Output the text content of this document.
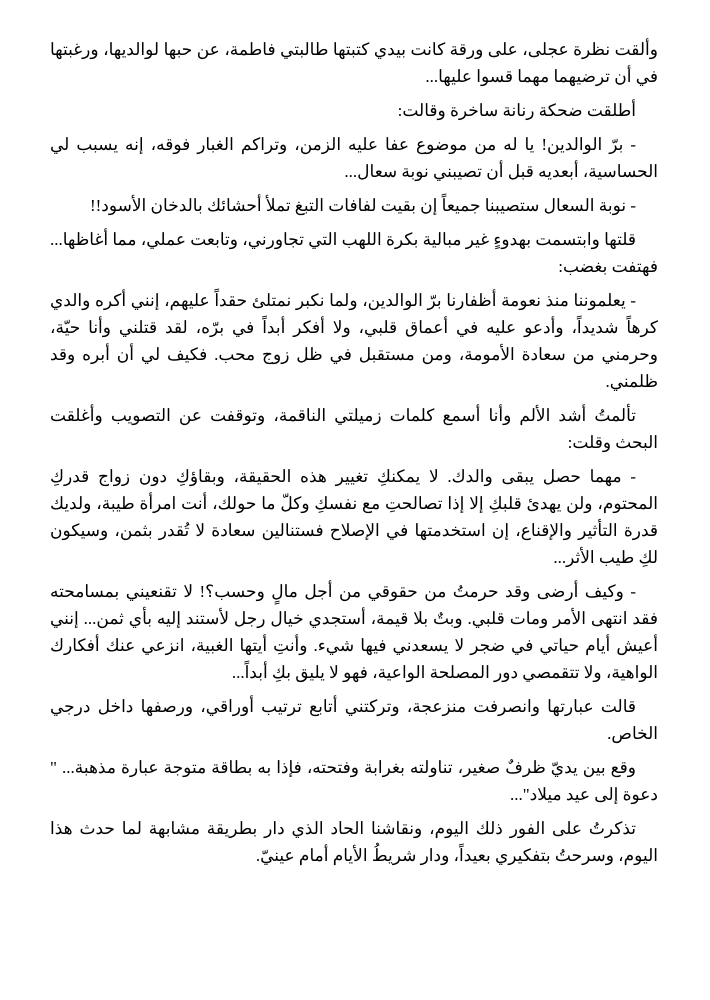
وألقت نظرة عجلى، على ورقة كانت بيدي كتبتها طالبتي فاطمة، عن حبها لوالديها، ورغبتها في أن ترضيهما مهما قسوا عليها...

أطلقت ضحكة رنانة ساخرة وقالت:

- برّ الوالدين! يا له من موضوع عفا عليه الزمن، وتراكم الغبار فوقه، إنه يسبب لي الحساسية، أبعديه قبل أن تصيبني نوبة سعال...

- نوبة السعال ستصيبنا جميعاً إن بقيت لفافات التبغ تملأ أحشائك بالدخان الأسود!!

قلتها وابتسمت بهدوءٍ غير مبالية بكرة اللهب التي تجاورني، وتابعت عملي، مما أغاظها... فهتفت بغضب:

- يعلموننا منذ نعومة أظفارنا برّ الوالدين، ولما نكبر نمتلئ حقداً عليهم، إنني أكره والدي كرهاً شديداً، وأدعو عليه في أعماق قلبي، ولا أفكر أبداً في برّه، لقد قتلني وأنا حيّة، وحرمني من سعادة الأمومة، ومن مستقبل في ظل زوج محب. فكيف لي أن أبره وقد ظلمني.

تألمتُ أشد الألم وأنا أسمع كلمات زميلتي الناقمة، وتوقفت عن التصويب وأغلقت البحث وقلت:

- مهما حصل يبقى والدك. لا يمكنكِ تغيير هذه الحقيقة، وبقاؤكِ دون زواج قدركِ المحتوم، ولن يهدئ قلبكِ إلا إذا تصالحتِ مع نفسكِ وكلّ ما حولك، أنت امرأة طيبة، ولديك قدرة التأثير والإقناع، إن استخدمتها في الإصلاح فستنالين سعادة لا تُقدر بثمن، وسيكون لكِ طيب الأثر...

- وكيف أرضى وقد حرمتُ من حقوقي من أجل مالٍ وحسب؟! لا تقنعيني بمسامحته فقد انتهى الأمر ومات قلبي. وبتٌ بلا قيمة، أستجدي خيال رجل لأستند إليه بأي ثمن... إنني أعيش أيام حياتي في ضجر لا يسعدني فيها شيء. وأنتِ أيتها الغبية، انزعي عنك أفكارك الواهية، ولا تتقمصي دور المصلحة الواعية، فهو لا يليق بكِ أبداً...

قالت عبارتها وانصرفت منزعجة، وتركتني أتابع ترتيب أوراقي، ورصفها داخل درجي الخاص.

وقع بين يديّ ظرفٌ صغير، تناولته بغرابة وفتحته، فإذا به بطاقة متوجة عبارة مذهبة... " دعوة إلى عيد ميلاد"...

تذكرتُ على الفور ذلك اليوم، ونقاشنا الحاد الذي دار بطريقة مشابهة لما حدث هذا اليوم، وسرحتُ بتفكيري بعيداً، ودار شريطُ الأيام أمام عينيّ.
